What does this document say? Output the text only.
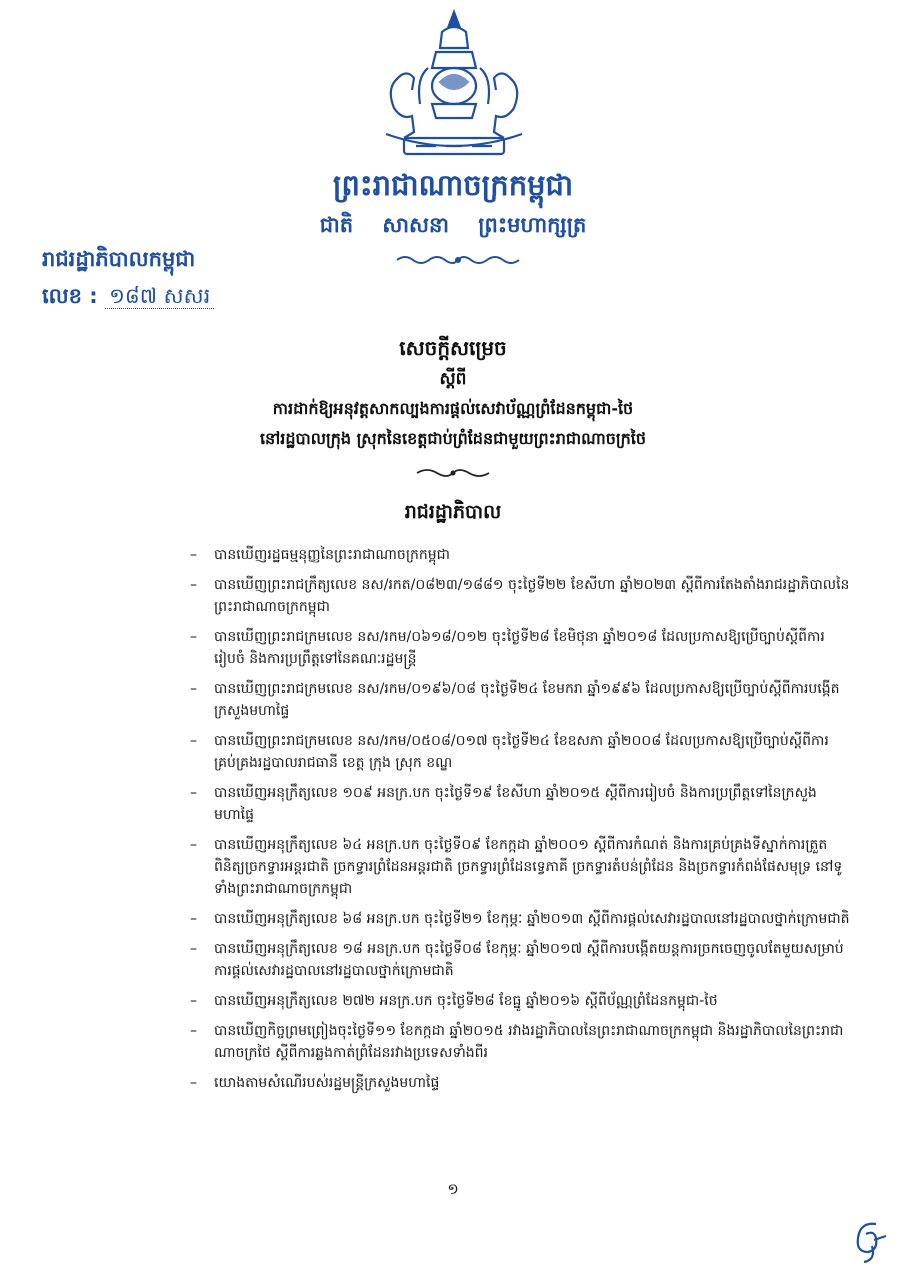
ព្រះរាជាណាចក្រកម្ពុជា
ជាតិ សាសនា ព្រះមហាក្សត្រ
រាជរដ្ឋាភិបាលកម្ពុជា
លេខ : ១៨៧ សសរ
សេចក្ដីសម្រេច
ស្ដីពី
ការដាក់ឱ្យអនុវត្តសាកល្បងការផ្តល់សេវាប័ណ្ណព្រំដែនកម្ពុជា-ថៃ
នៅរដ្ឋបាលក្រុង ស្រុកនៃខេត្តជាប់ព្រំដែនជាមួយព្រះរាជាណាចក្រថៃ
រាជរដ្ឋាភិបាល
– បានឃើញរដ្ឋធម្មនុញ្ញនៃព្រះរាជាណាចក្រកម្ពុជា
– បានឃើញព្រះរាជក្រឹត្យលេខ នស/រកត/០៨២៣/១៨៨១ ចុះថ្ងៃទី២២ ខែសីហា ឆ្នាំ២០២៣ ស្ដីពីការតែងតាំងរាជរដ្ឋាភិបាលនៃព្រះរាជាណាចក្រកម្ពុជា
– បានឃើញព្រះរាជក្រមលេខ នស/រកម/០៦១៨/០១២ ចុះថ្ងៃទី២៨ ខែមិថុនា ឆ្នាំ២០១៨ ដែលប្រកាសឱ្យប្រើច្បាប់ស្ដីពីការរៀបចំ និងការប្រព្រឹត្តទៅនៃគណៈរដ្ឋមន្ត្រី
– បានឃើញព្រះរាជក្រមលេខ នស/រកម/០១៩៦/០៨ ចុះថ្ងៃទី២៤ ខែមករា ឆ្នាំ១៩៩៦ ដែលប្រកាសឱ្យប្រើច្បាប់ស្ដីពីការបង្កើតក្រសួងមហាផ្ទៃ
– បានឃើញព្រះរាជក្រមលេខ នស/រកម/០៥០៨/០១៧ ចុះថ្ងៃទី២៤ ខែឧសភា ឆ្នាំ២០០៨ ដែលប្រកាសឱ្យប្រើច្បាប់ស្ដីពីការគ្រប់គ្រងរដ្ឋបាលរាជធានី ខេត្ត ក្រុង ស្រុក ខណ្ឌ
– បានឃើញអនុក្រឹត្យលេខ ១០៩ អនក្រ.បក ចុះថ្ងៃទី១៩ ខែសីហា ឆ្នាំ២០១៥ ស្ដីពីការរៀបចំ និងការប្រព្រឹត្តទៅនៃក្រសួងមហាផ្ទៃ
– បានឃើញអនុក្រឹត្យលេខ ៦៤ អនក្រ.បក ចុះថ្ងៃទី០៩ ខែកក្កដា ឆ្នាំ២០០១ ស្ដីពីការកំណត់ និងការគ្រប់គ្រងទីស្នាក់ការត្រួតពិនិត្យច្រកទ្វារអន្តរជាតិ ច្រកទ្វារព្រំដែនអន្តរជាតិ ច្រកទ្វារព្រំដែនទ្វេភាគី ច្រកទ្វារតំបន់ព្រំដែន និងច្រកទ្វារកំពង់ផែសមុទ្រ នៅទូទាំងព្រះរាជាណាចក្រកម្ពុជា
– បានឃើញអនុក្រឹត្យលេខ ៦៨ អនក្រ.បក ចុះថ្ងៃទី២១ ខែកុម្ភៈ ឆ្នាំ២០១៣ ស្ដីពីការផ្ដល់សេវារដ្ឋបាលនៅរដ្ឋបាលថ្នាក់ក្រោមជាតិ
– បានឃើញអនុក្រឹត្យលេខ ១៨ អនក្រ.បក ចុះថ្ងៃទី០៨ ខែកុម្ភៈ ឆ្នាំ២០១៧ ស្ដីពីការបង្កើតយន្តការច្រកចេញចូលតែមួយសម្រាប់ការផ្ដល់សេវារដ្ឋបាលនៅរដ្ឋបាលថ្នាក់ក្រោមជាតិ
– បានឃើញអនុក្រឹត្យលេខ ២៧២ អនក្រ.បក ចុះថ្ងៃទី២៨ ខែធ្នូ ឆ្នាំ២០១៦ ស្ដីពីប័ណ្ណព្រំដែនកម្ពុជា-ថៃ
– បានឃើញកិច្ចព្រមព្រៀងចុះថ្ងៃទី១១ ខែកក្កដា ឆ្នាំ២០១៥ រវាងរដ្ឋាភិបាលនៃព្រះរាជាណាចក្រកម្ពុជា និងរដ្ឋាភិបាលនៃព្រះរាជាណាចក្រថៃ ស្ដីពីការឆ្លងកាត់ព្រំដែនរវាងប្រទេសទាំងពីរ
– យោងតាមសំណើរបស់រដ្ឋមន្ត្រីក្រសួងមហាផ្ទៃ
១
